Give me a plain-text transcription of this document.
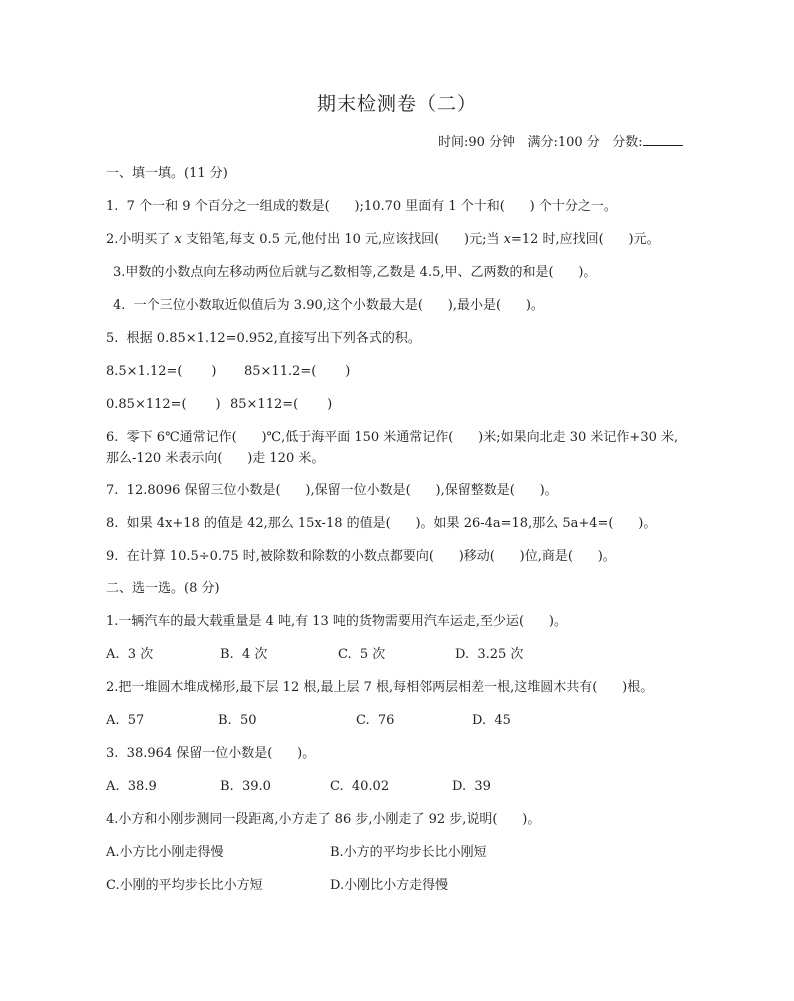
期末检测卷（二）
时间:90 分钟 满分:100 分 分数:
一、填一填。(11 分)
1.  7 个一和 9 个百分之一组成的数是(      );10.70 里面有 1 个十和(      ) 个十分之一。
2.小明买了 x 支铅笔,每支 0.5 元,他付出 10 元,应该找回(      )元;当 x=12 时,应找回(      )元。
3.甲数的小数点向左移动两位后就与乙数相等,乙数是 4.5,甲、乙两数的和是(      )。
4.  一个三位小数取近似值后为 3.90,这个小数最大是(      ),最小是(      )。
5.  根据 0.85×1.12=0.952,直接写出下列各式的积。
8.5×1.12=(       ) 85×11.2=(       )
0.85×112=(       ) 85×112=(       )
6.  零下 6℃通常记作(      )℃,低于海平面 150 米通常记作(      )米;如果向北走 30 米记作+30 米,
那么-120 米表示向(      )走 120 米。
7.  12.8096 保留三位小数是(      ),保留一位小数是(      ),保留整数是(      )。
8.  如果 4x+18 的值是 42,那么 15x-18 的值是(      )。如果 26-4a=18,那么 5a+4=(      )。
9.  在计算 10.5÷0.75 时,被除数和除数的小数点都要向(      )移动(      )位,商是(      )。
二、选一选。(8 分)
1.一辆汽车的最大载重量是 4 吨,有 13 吨的货物需要用汽车运走,至少运(      )。
A.  3 次	B.  4 次	C.  5 次	D.  3.25 次
2.把一堆圆木堆成梯形,最下层 12 根,最上层 7 根,每相邻两层相差一根,这堆圆木共有(      )根。
A.  57	B.  50	C.  76	D.  45
3.  38.964 保留一位小数是(      )。
A.  38.9	B.  39.0	C.  40.02	D.  39
4.小方和小刚步测同一段距离,小方走了 86 步,小刚走了 92 步,说明(      )。
A.小方比小刚走得慢	B.小方的平均步长比小刚短
C.小刚的平均步长比小方短	D.小刚比小方走得慢
